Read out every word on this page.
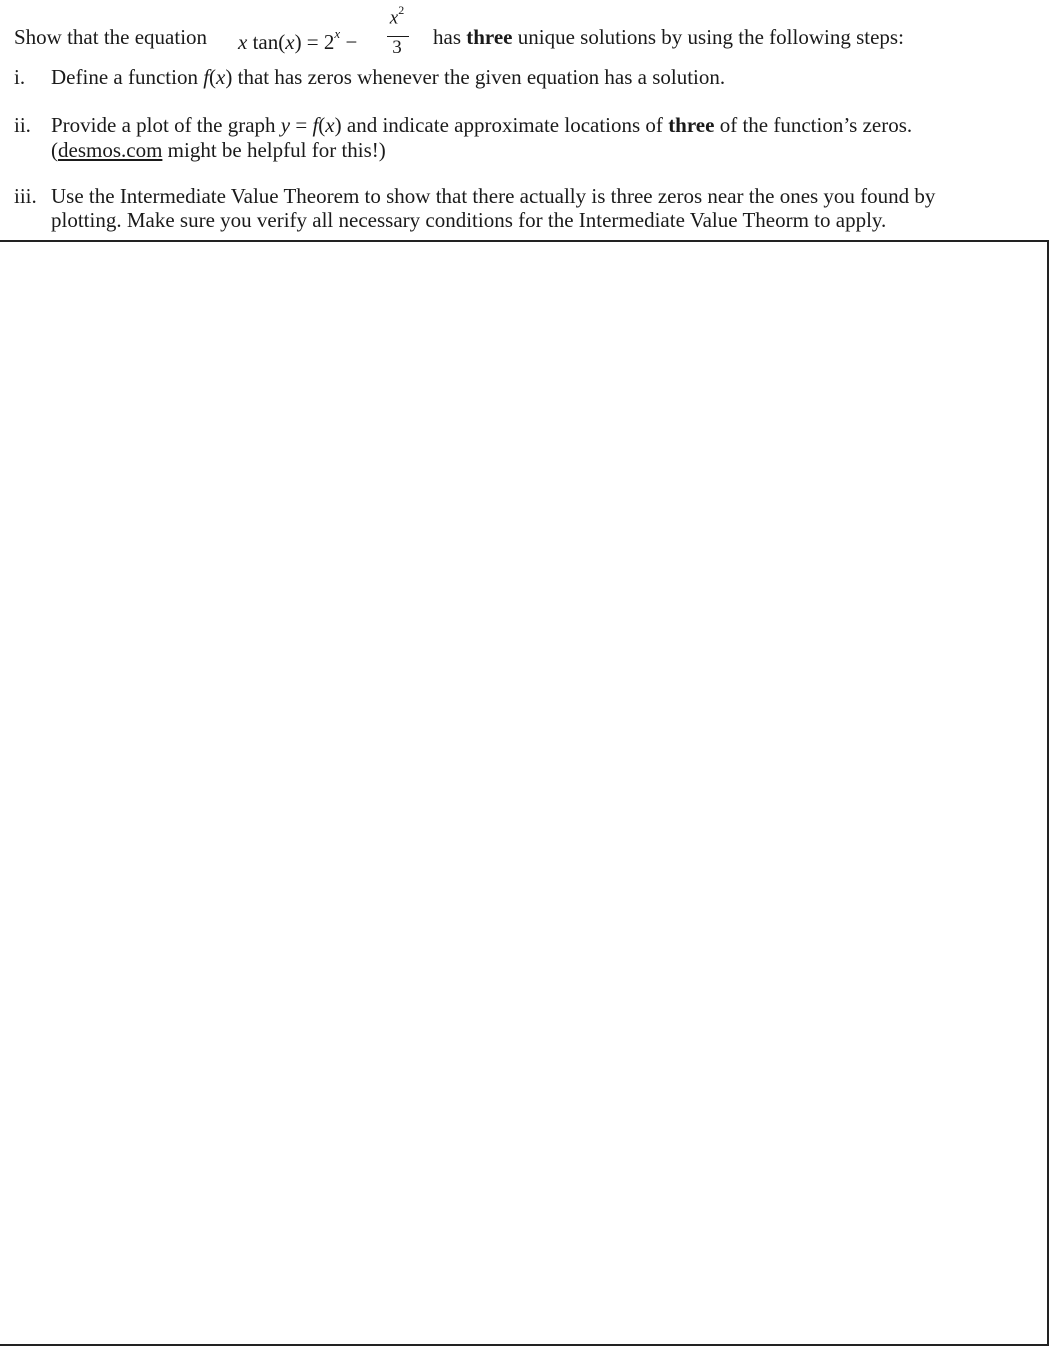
Show that the equation x $\tan(x) = 2^x$ −
$x^2$
3	has three unique solutions by using the following steps:
i. Define a function f(x) that has zeros whenever the given equation has a solution.
ii. Provide a plot of the graph y = f(x) and indicate approximate locations of three of the function’s zeros.
(desmos.com might be helpful for this!)
iii. Use the Intermediate Value Theorem to show that there actually is three zeros near the ones you found by
plotting. Make sure you verify all necessary conditions for the Intermediate Value Theorm to apply.
